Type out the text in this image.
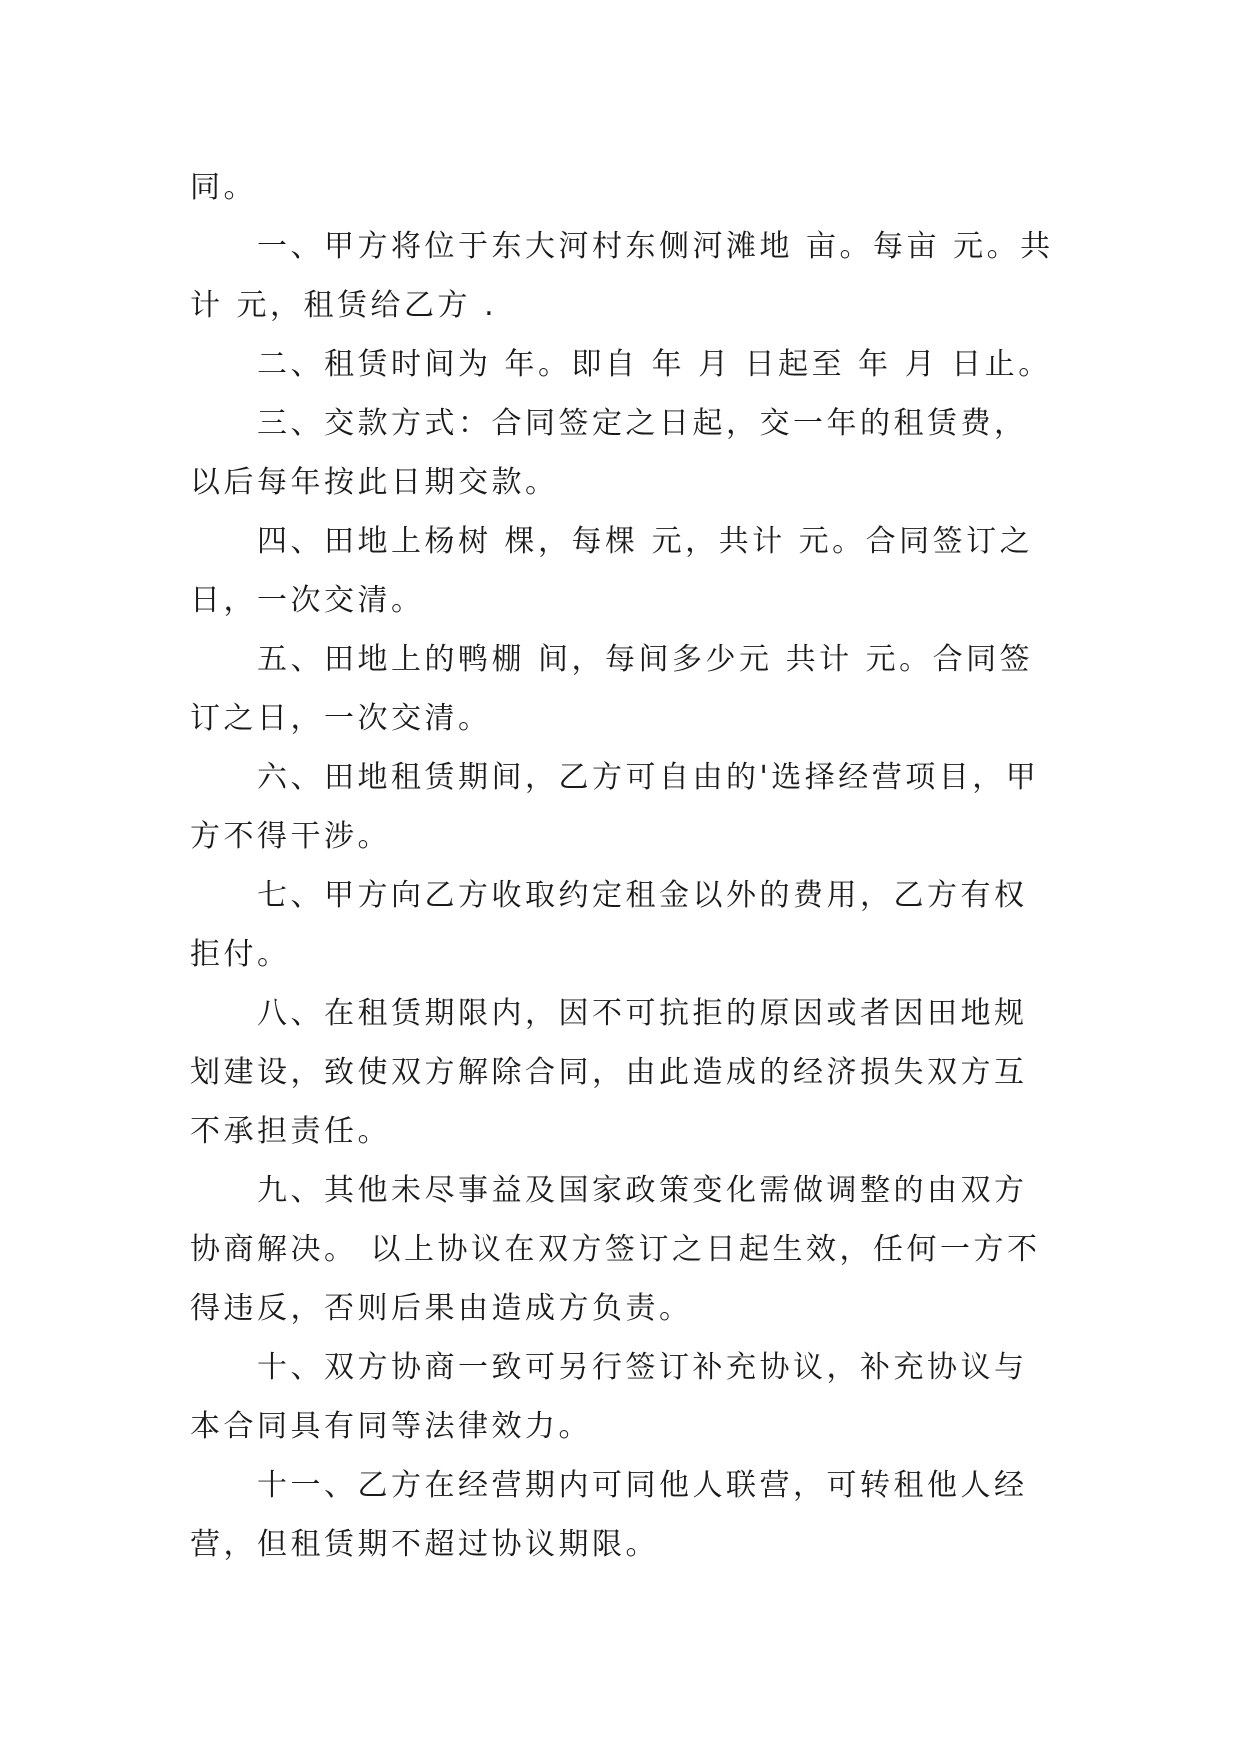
同。

一、甲方将位于东大河村东侧河滩地 亩。每亩 元。共计 元，租赁给乙方 .

二、租赁时间为 年。即自 年 月 日起至 年 月 日止。

三、交款方式：合同签定之日起，交一年的租赁费，以后每年按此日期交款。

四、田地上杨树 棵，每棵 元，共计 元。合同签订之日，一次交清。

五、田地上的鸭棚 间，每间多少元 共计 元。合同签订之日，一次交清。

六、田地租赁期间，乙方可自由的'选择经营项目，甲方不得干涉。

七、甲方向乙方收取约定租金以外的费用，乙方有权拒付。

八、在租赁期限内，因不可抗拒的原因或者因田地规划建设，致使双方解除合同，由此造成的经济损失双方互不承担责任。

九、其他未尽事益及国家政策变化需做调整的由双方协商解决。 以上协议在双方签订之日起生效，任何一方不得违反，否则后果由造成方负责。

十、双方协商一致可另行签订补充协议，补充协议与本合同具有同等法律效力。

十一、乙方在经营期内可同他人联营，可转租他人经营，但租赁期不超过协议期限。
